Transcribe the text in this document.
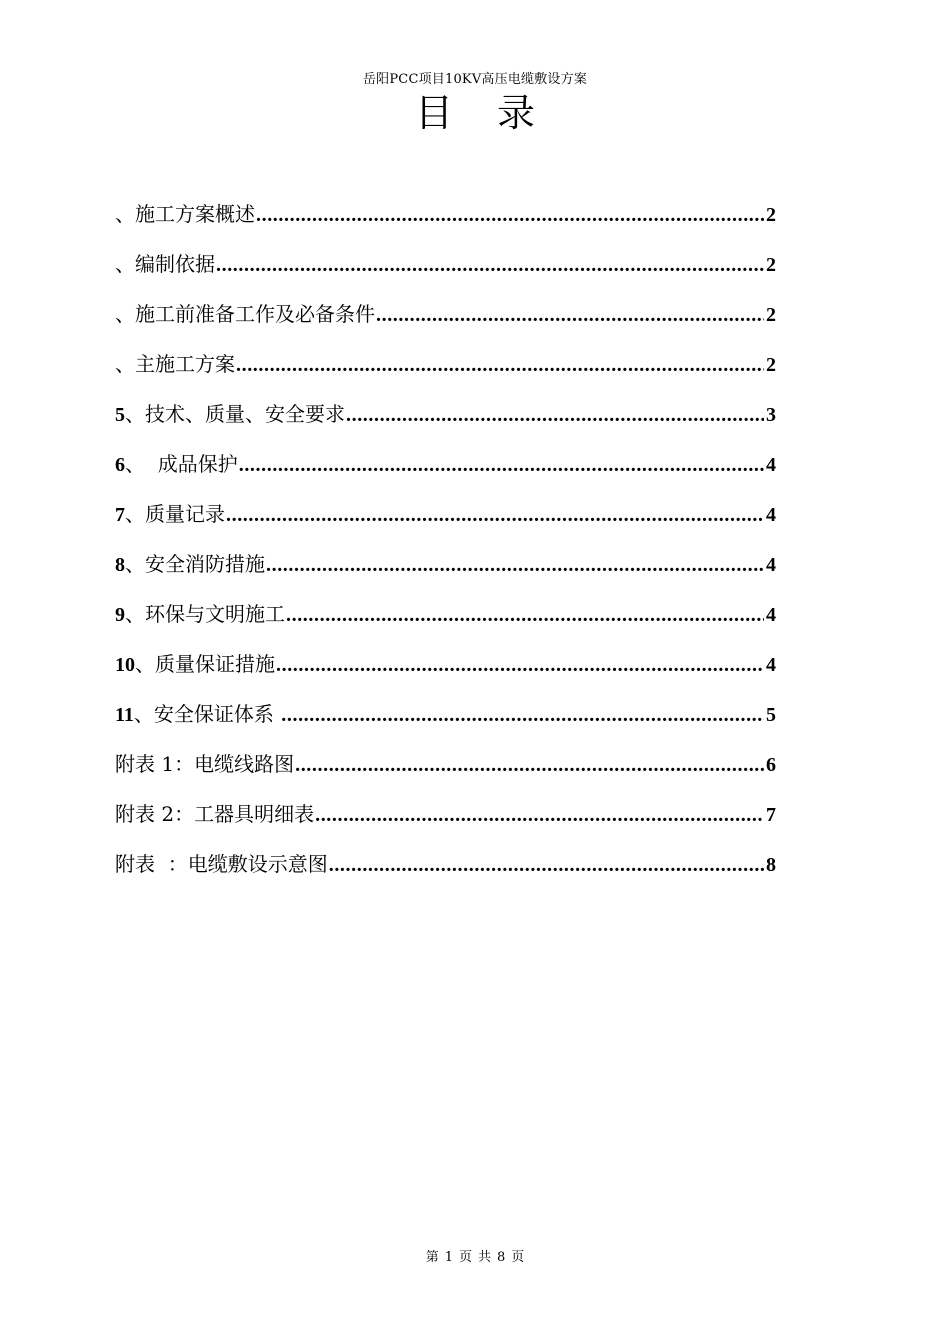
岳阳PCC项目10KV高压电缆敷设方案
目 录
、 施工方案概述 .....	2
、 编制依据 .....	2
、 施工前准备工作及必备条件 .....	2
、 主施工方案 .....	2
5 、 技术、质量、安全要求 .....	3
6 、 成品保护 .....	4
7 、 质量记录 .....	4
8 、 安全消防措施 .....	4
9 、 环保与文明施工 .....	4
10 、 质量保证措施 .....	4
11 、 安全保证体系 .....	5
附表 1：电缆线路图 .....	6
附表 2：工器具明细表 .....	7
附表  ：电缆敷设示意图 .....	8
第 1 页 共 8 页
